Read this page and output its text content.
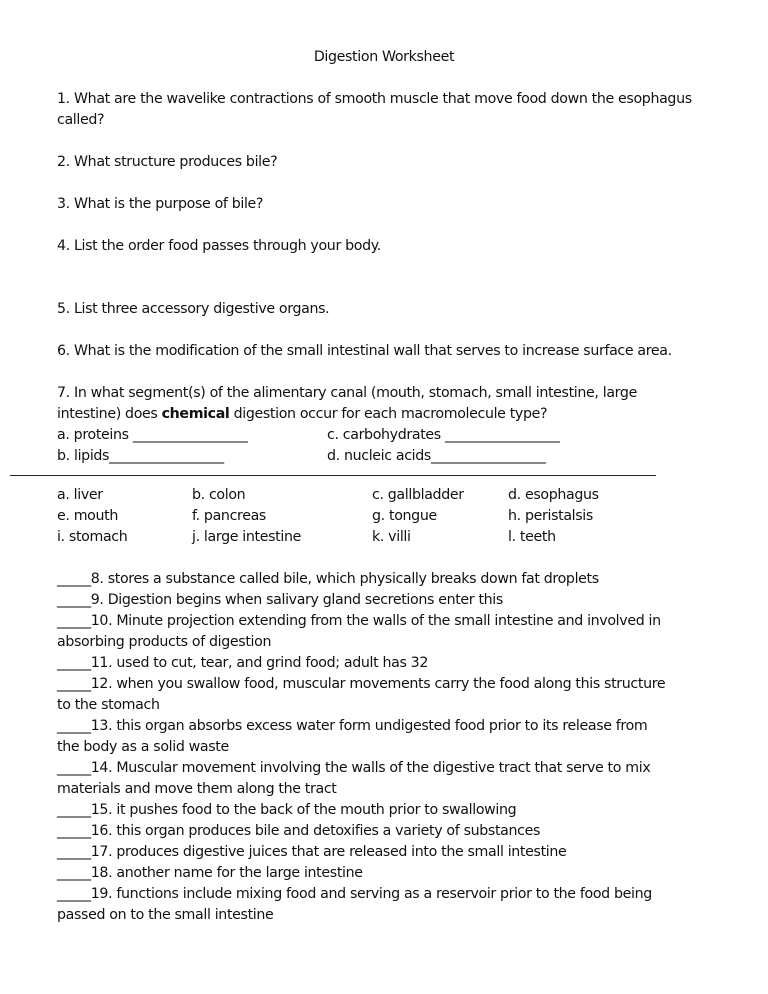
Digestion Worksheet
1. What are the wavelike contractions of smooth muscle that move food down the esophagus
called?
2. What structure produces bile?
3. What is the purpose of bile?
4. List the order food passes through your body.
5. List three accessory digestive organs.
6. What is the modification of the small intestinal wall that serves to increase surface area.
7. In what segment(s) of the alimentary canal (mouth, stomach, small intestine, large
intestine) does chemical digestion occur for each macromolecule type?
a. proteins _________________	c. carbohydrates _________________
b. lipids_________________	d. nucleic acids_________________
a. liver	b. colon	c. gallbladder	d. esophagus
e. mouth	f. pancreas	g. tongue	h. peristalsis
i. stomach	j. large intestine	k. villi	l. teeth
_____8. stores a substance called bile, which physically breaks down fat droplets
_____9. Digestion begins when salivary gland secretions enter this
_____10. Minute projection extending from the walls of the small intestine and involved in
absorbing products of digestion
_____11. used to cut, tear, and grind food; adult has 32
_____12. when you swallow food, muscular movements carry the food along this structure
to the stomach
_____13. this organ absorbs excess water form undigested food prior to its release from
the body as a solid waste
_____14. Muscular movement involving the walls of the digestive tract that serve to mix
materials and move them along the tract
_____15. it pushes food to the back of the mouth prior to swallowing
_____16. this organ produces bile and detoxifies a variety of substances
_____17. produces digestive juices that are released into the small intestine
_____18. another name for the large intestine
_____19. functions include mixing food and serving as a reservoir prior to the food being
passed on to the small intestine
